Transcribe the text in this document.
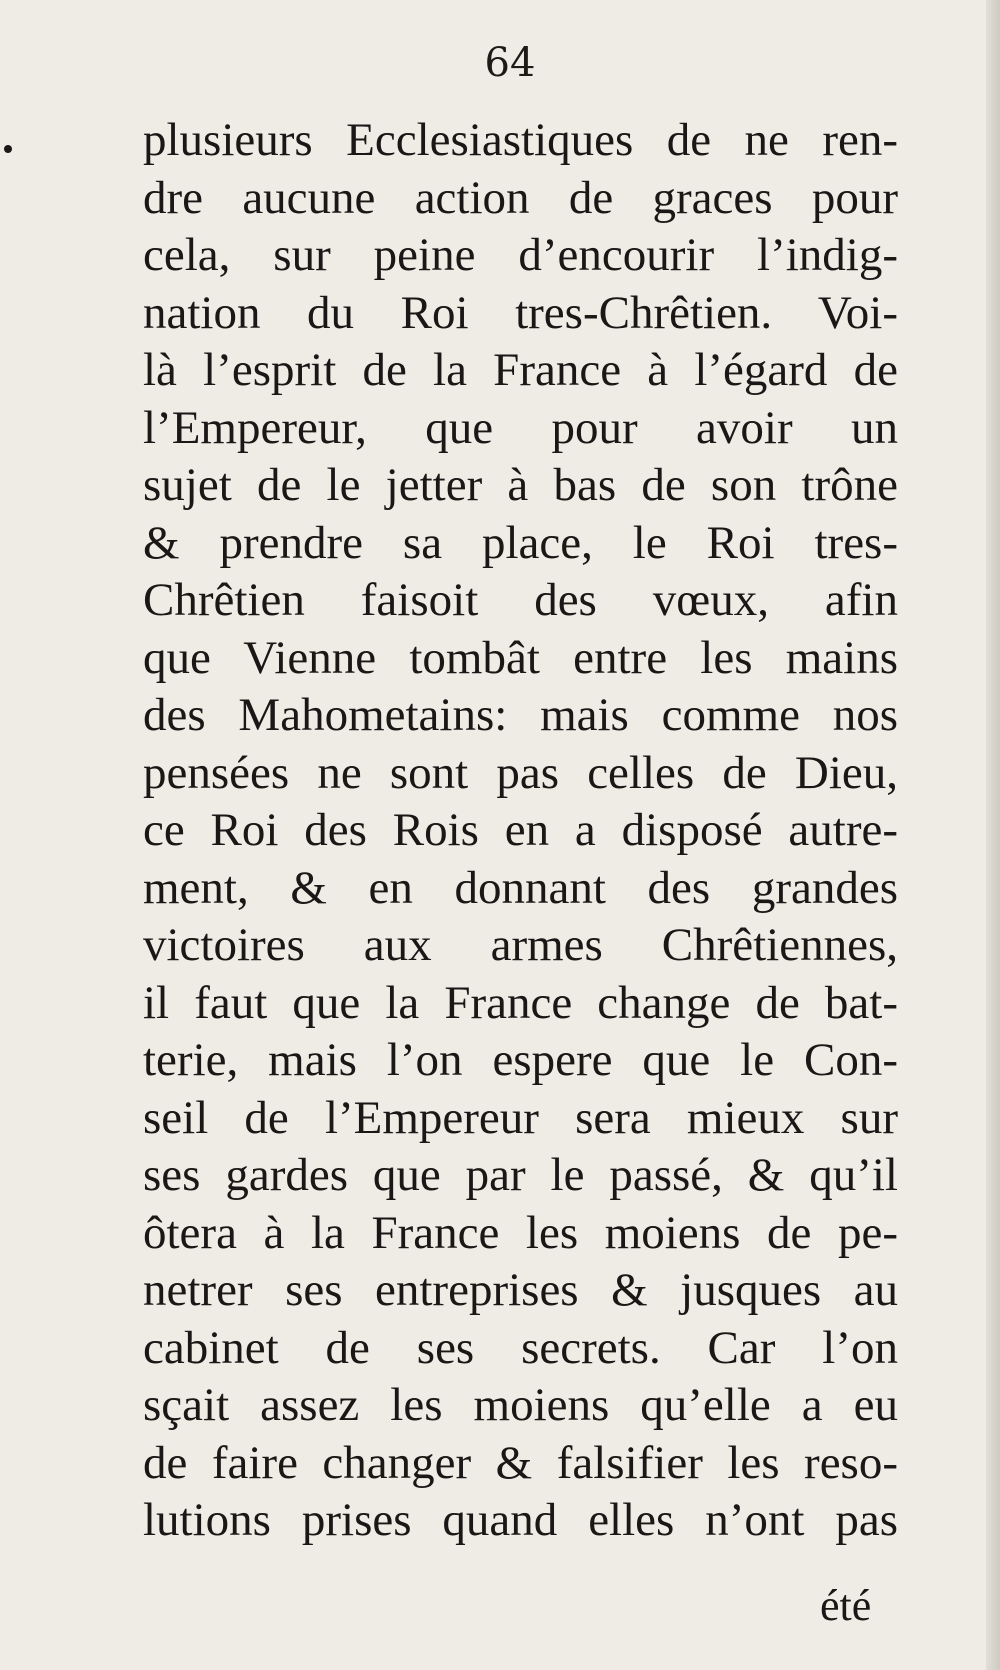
64
plusieurs Ecclesiastiques de ne ren-
dre aucune action de graces pour
cela, sur peine d’encourir l’indig-
nation du Roi tres-Chrêtien. Voi-
là l’esprit de la France à l’égard de
l’Empereur, que pour avoir un
sujet de le jetter à bas de son trône
& prendre sa place, le Roi tres-
Chrêtien faisoit des vœux, afin
que Vienne tombât entre les mains
des Mahometains: mais comme nos
pensées ne sont pas celles de Dieu,
ce Roi des Rois en a disposé autre-
ment, & en donnant des grandes
victoires aux armes Chrêtiennes,
il faut que la France change de bat-
terie, mais l’on espere que le Con-
seil de l’Empereur sera mieux sur
ses gardes que par le passé, & qu’il
ôtera à la France les moiens de pe-
netrer ses entreprises & jusques au
cabinet de ses secrets. Car l’on
sçait assez les moiens qu’elle a eu
de faire changer & falsifier les reso-
lutions prises quand elles n’ont pas
été
